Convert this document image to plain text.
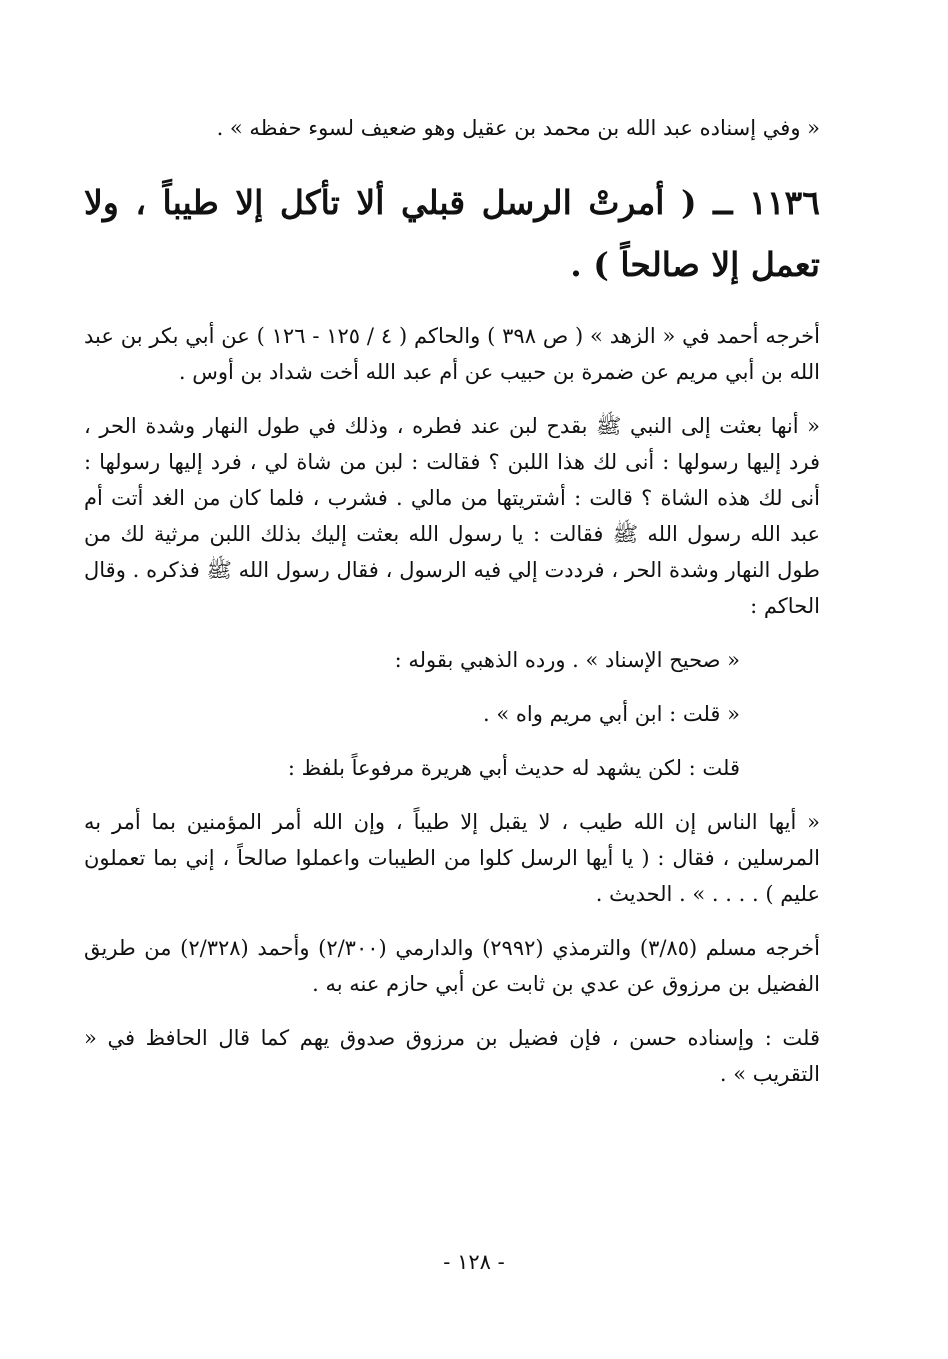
« وفي إسناده عبد الله بن محمد بن عقيل وهو ضعيف لسوء حفظه » .

١١٣٦ ــ ( أمرتْ الرسل قبلي ألا تأكل إلا طيباً ، ولا تعمل إلا صالحاً ) .

أخرجه أحمد في « الزهد » ( ص ٣٩٨ ) والحاكم ( ٤ / ١٢٥ - ١٢٦ ) عن أبي بكر بن عبد الله بن أبي مريم عن ضمرة بن حبيب عن أم عبد الله أخت شداد بن أوس .

« أنها بعثت إلى النبي ﷺ بقدح لبن عند فطره ، وذلك في طول النهار وشدة الحر ، فرد إليها رسولها : أنى لك هذا اللبن ؟ فقالت : لبن من شاة لي ، فرد إليها رسولها : أنى لك هذه الشاة ؟ قالت : أشتريتها من مالي . فشرب ، فلما كان من الغد أتت أم عبد الله رسول الله ﷺ فقالت : يا رسول الله بعثت إليك بذلك اللبن مرثية لك من طول النهار وشدة الحر ، فرددت إلي فيه الرسول ، فقال رسول الله ﷺ فذكره . وقال الحاكم :

« صحيح الإسناد » . ورده الذهبي بقوله :

« قلت : ابن أبي مريم واه » .

قلت : لكن يشهد له حديث أبي هريرة مرفوعاً بلفظ :

« أيها الناس إن الله طيب ، لا يقبل إلا طيباً ، وإن الله أمر المؤمنين بما أمر به المرسلين ، فقال : ( يا أيها الرسل كلوا من الطيبات واعملوا صالحاً ، إني بما تعملون عليم ) . . . . » . الحديث .

أخرجه مسلم (٣/٨٥) والترمذي (٢٩٩٢) والدارمي (٢/٣٠٠) وأحمد (٢/٣٢٨) من طريق الفضيل بن مرزوق عن عدي بن ثابت عن أبي حازم عنه به .

قلت : وإسناده حسن ، فإن فضيل بن مرزوق صدوق يهم كما قال الحافظ في « التقريب » .

- ١٢٨ -
